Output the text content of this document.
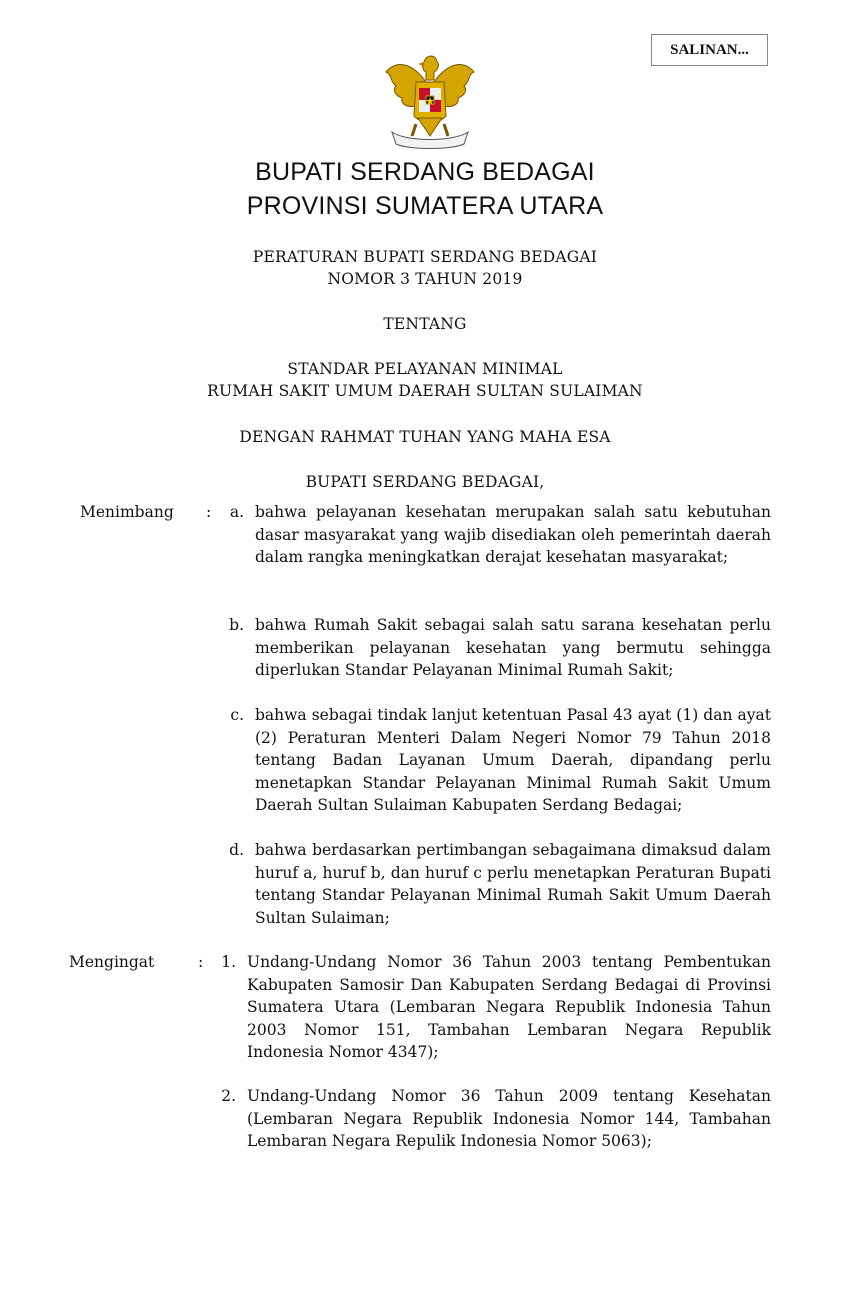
SALINAN...
BUPATI SERDANG BEDAGAI
PROVINSI SUMATERA UTARA
PERATURAN BUPATI SERDANG BEDAGAI
NOMOR 3 TAHUN 2019
TENTANG
STANDAR PELAYANAN MINIMAL
RUMAH SAKIT UMUM DAERAH SULTAN SULAIMAN
DENGAN RAHMAT TUHAN YANG MAHA ESA
BUPATI SERDANG BEDAGAI,
Menimbang :	a. bahwa pelayanan kesehatan merupakan salah satu kebutuhan dasar masyarakat yang wajib disediakan oleh pemerintah daerah dalam rangka meningkatkan derajat kesehatan masyarakat;

b. bahwa Rumah Sakit sebagai salah satu sarana kesehatan perlu memberikan pelayanan kesehatan yang bermutu sehingga diperlukan Standar Pelayanan Minimal Rumah Sakit;

c. bahwa sebagai tindak lanjut ketentuan Pasal 43 ayat (1) dan ayat (2) Peraturan Menteri Dalam Negeri Nomor 79 Tahun 2018 tentang Badan Layanan Umum Daerah, dipandang perlu menetapkan Standar Pelayanan Minimal Rumah Sakit Umum Daerah Sultan Sulaiman Kabupaten Serdang Bedagai;

d. bahwa berdasarkan pertimbangan sebagaimana dimaksud dalam huruf a, huruf b, dan huruf c perlu menetapkan Peraturan Bupati tentang Standar Pelayanan Minimal Rumah Sakit Umum Daerah Sultan Sulaiman;

Mengingat	:	1. Undang-Undang Nomor 36 Tahun 2003 tentang Pembentukan Kabupaten Samosir Dan Kabupaten Serdang Bedagai di Provinsi Sumatera Utara (Lembaran Negara Republik Indonesia Tahun 2003 Nomor 151, Tambahan Lembaran Negara Republik Indonesia Nomor 4347);

2. Undang-Undang Nomor 36 Tahun 2009 tentang Kesehatan (Lembaran Negara Republik Indonesia Nomor 144, Tambahan Lembaran Negara Repulik Indonesia Nomor 5063);
